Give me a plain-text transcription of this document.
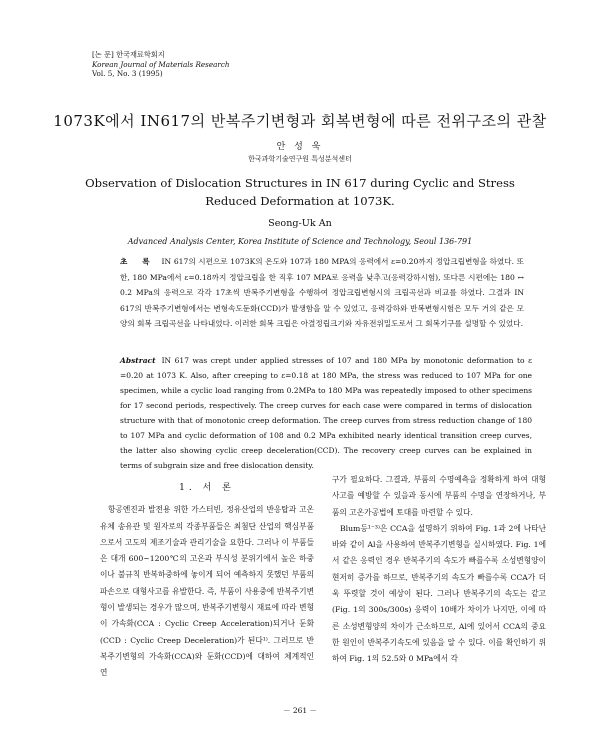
[논 문] 한국재료학회지
Korean Journal of Materials Research
Vol. 5, No. 3 (1995)
1073K에서 IN617의 반복주기변형과 회복변형에 따른 전위구조의 관찰
안 성 욱
한국과학기술연구원 특성분석센터
Observation of Dislocation Structures in IN 617 during Cyclic and Stress
Reduced Deformation at 1073K.
Seong-Uk An
Advanced Analysis Center, Korea Institute of Science and Technology, Seoul 136-791
초 록 IN 617의 시편으로 1073K의 온도와 107과 180 MPA의 응력에서 ε=0.20까지 정압크립변형을 하였다. 또한, 180 MPa에서 ε=0.18까지 정압크립을 한 직후 107 MPA로 응력을 낮추고(응력강하시험), 또다른 시편에는 180 ↔ 0.2 MPa의 응력으로 각각 17초씩 반복주기변형을 수행하여 정압크립변형시의 크립곡선과 비교를 하였다. 그결과 IN 617의 반복주기변형에서는 변형속도둔화(CCD)가 발생함을 알 수 있었고, 응력강하와 반복변형시험은 모두 거의 같은 모양의 회복 크립곡선을 나타내었다. 이러한 회복 크립은 아결정립크기와 자유전위밀도로서 그 회복기구를 설명할 수 있었다.
Abstract IN 617 was crept under applied stresses of 107 and 180 MPa by monotonic deformation to ε =0.20 at 1073 K. Also, after creeping to ε=0.18 at 180 MPa, the stress was reduced to 107 MPa for one specimen, while a cyclic load ranging from 0.2MPa to 180 MPa was repeatedly imposed to other specimens for 17 second periods, respectively. The creep curves for each case were compared in terms of dislocation structure with that of monotonic creep deformation. The creep curves from stress reduction change of 180 to 107 MPa and cyclic deformation of 108 and 0.2 MPa exhibited nearly identical transition creep curves, the latter also showing cyclic creep deceleration(CCD). The recovery creep curves can be explained in terms of subgrain size and free dislocation density.
1. 서 론

항공엔진과 발전용 위한 가스터빈, 정유산업의 반응탑과 고온유체 송유관 및 원자로의 각종부품들은 최첨단 산업의 핵심부품으로서 고도의 제조기술과 관리기술을 요한다. 그러나 이 부품들은 대개 600~1200℃의 고온과 부식성 분위기에서 높은 하중이나 불규칙 반복하중하에 놓이게 되어 예측하지 못했던 부품의 파손으로 대형사고를 유발한다. 즉, 부품이 사용중에 반복주기변형이 발생되는 경우가 많으며, 반복주기변형시 재료에 따라 변형이 가속화(CCA : Cyclic Creep Acceleration)되거나 둔화(CCD : Cyclic Creep Deceleration)가 된다¹⁾. 그러므로 반복주기변형의 가속화(CCA)와 둔화(CCD)에 대하여 체계적인 연

구가 필요하다. 그결과, 부품의 수명예측을 정확하게 하여 대형사고를 예방할 수 있을과 동시에 부품의 수명을 연장하거나, 부품의 고온가공법에 토대를 마련할 수 있다.

Blum등¹⁻³⁾은 CCA을 설명하기 위하여 Fig. 1과 2에 나타난 바와 같이 Al을 사용하여 반복주기변형을 실시하였다. Fig. 1에서 같은 응력인 경우 반복주기의 속도가 빠를수록 소성변형양이 현저히 증가를 하므로, 반복주기의 속도가 빠를수록 CCA가 더욱 뚜렷할 것이 예상이 된다. 그러나 반복주기의 속도는 같고 (Fig. 1의 300s/300s) 응력이 10배가 차이가 나지만, 이에 따른 소성변형양의 차이가 근소하므로, Al에 있어서 CCA의 중요한 원인이 반복주기속도에 있음을 알 수 있다. 이를 확인하기 위하여 Fig. 1의 52.5와 0 MPa에서 각

－ 261 －
